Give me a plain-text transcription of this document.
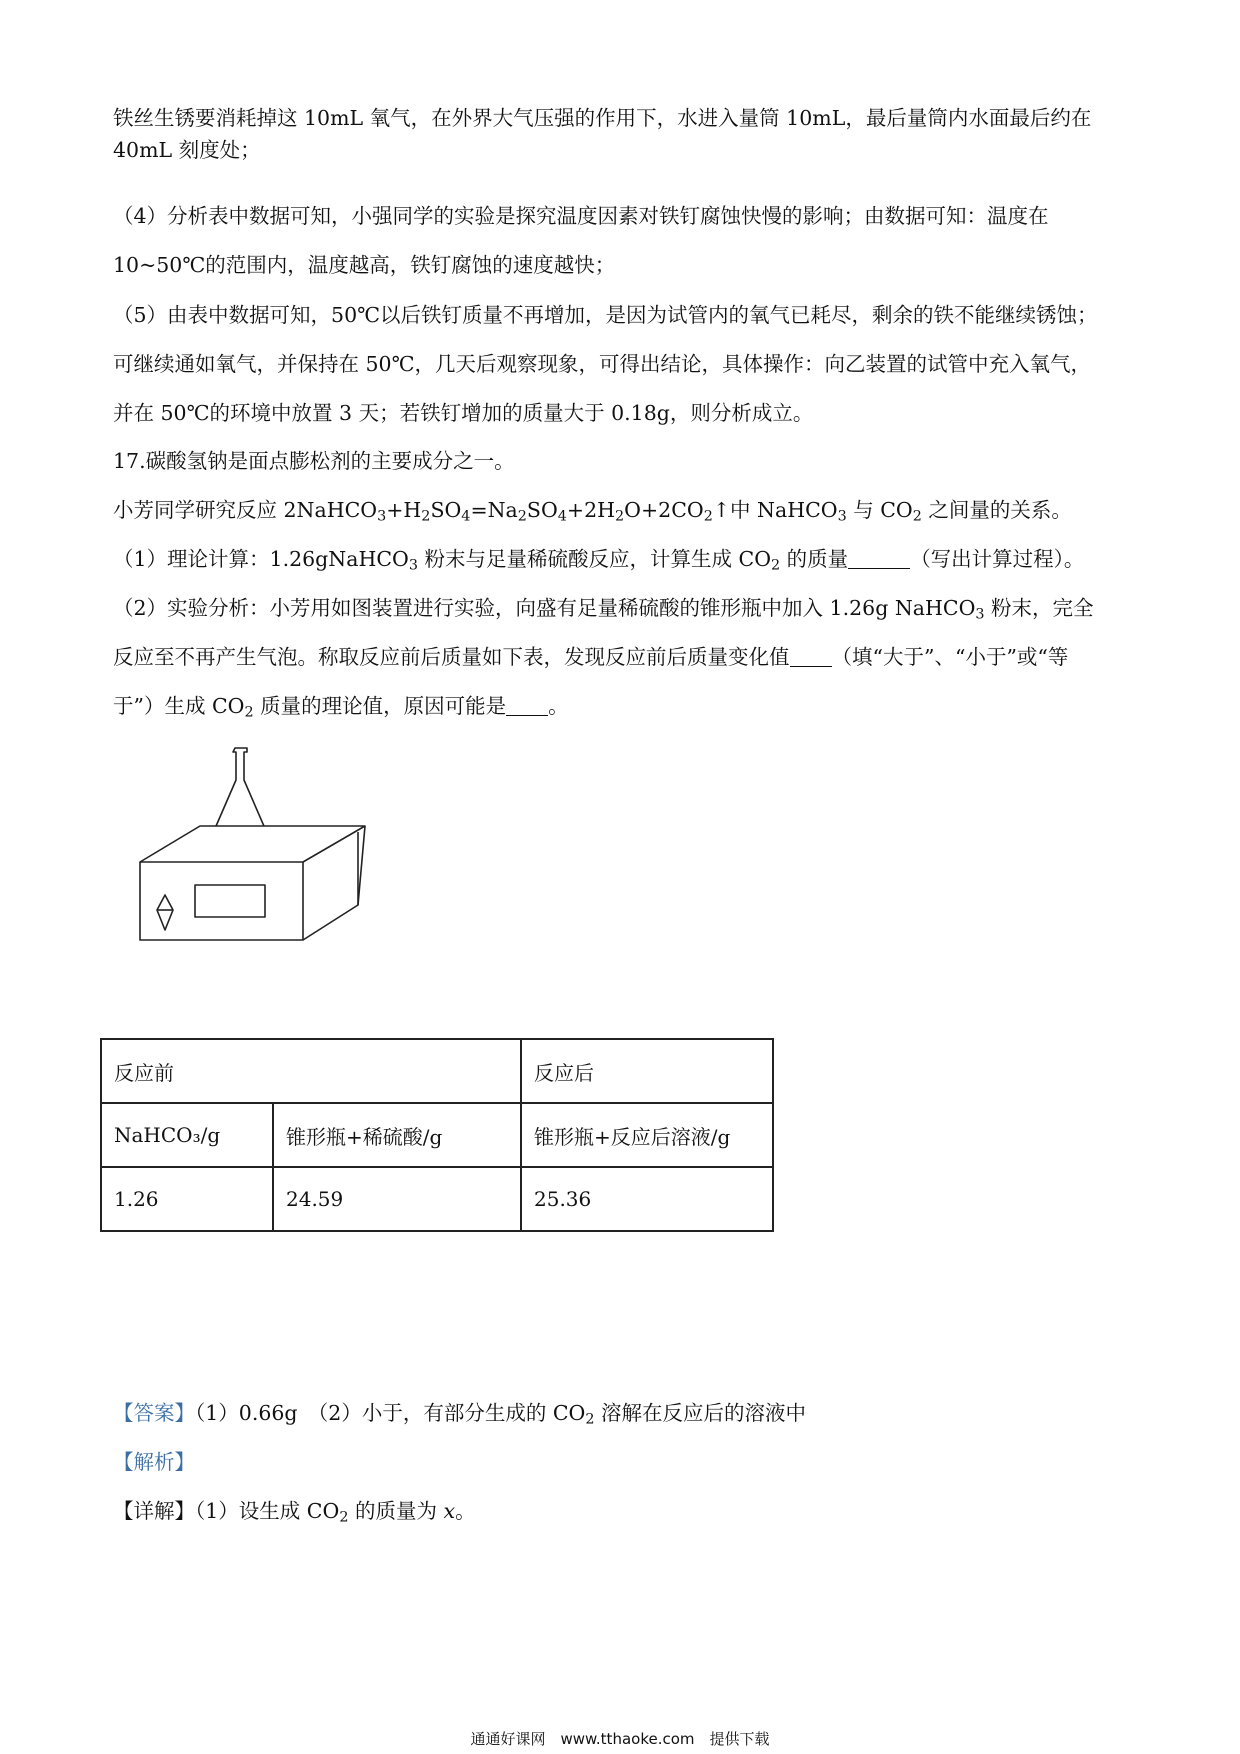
铁丝生锈要消耗掉这 10mL 氧气，在外界大气压强的作用下，水进入量筒 10mL，最后量筒内水面最后约在
40mL 刻度处；
（4）分析表中数据可知，小强同学的实验是探究温度因素对铁钉腐蚀快慢的影响；由数据可知：温度在
10~50℃的范围内，温度越高，铁钉腐蚀的速度越快；
（5）由表中数据可知，50℃以后铁钉质量不再增加，是因为试管内的氧气已耗尽，剩余的铁不能继续锈蚀；
可继续通如氧气，并保持在 50℃，几天后观察现象，可得出结论，具体操作：向乙装置的试管中充入氧气，
并在 50℃的环境中放置 3 天；若铁钉增加的质量大于 0.18g，则分析成立。
17.碳酸氢钠是面点膨松剂的主要成分之一。
小芳同学研究反应 $2NaHCO_3+H_2SO_4=Na_2SO_4+2H_2O+2CO_2↑$中 NaHCO$_3$ 与 $CO_2$ 之间量的关系。
（1）理论计算：1.26gNaHCO$_3$ 粉末与足量稀硫酸反应，计算生成 $CO_2$ 的质量	（写出计算过程）。
（2）实验分析：小芳用如图装置进行实验，向盛有足量稀硫酸的锥形瓶中加入 1.26g NaHCO$_3$ 粉末，完全
反应至不再产生气泡。称取反应前后质量如下表，发现反应前后质量变化值 （填“大于”、“小于”或“等
于”）生成 $CO_2$ 质量的理论值，原因可能是 。
反应前		反应后
NaHCO₃/g	锥形瓶+稀硫酸/g	锥形瓶+反应后溶液/g
1.26	24.59	25.36
【答案】（1）0.66g　（2）小于，有部分生成的 $CO_2$ 溶解在反应后的溶液中
【解析】
【详解】（1）设生成 $CO_2$ 的质量为 x。
通通好课网　www.tthaoke.com　提供下载
